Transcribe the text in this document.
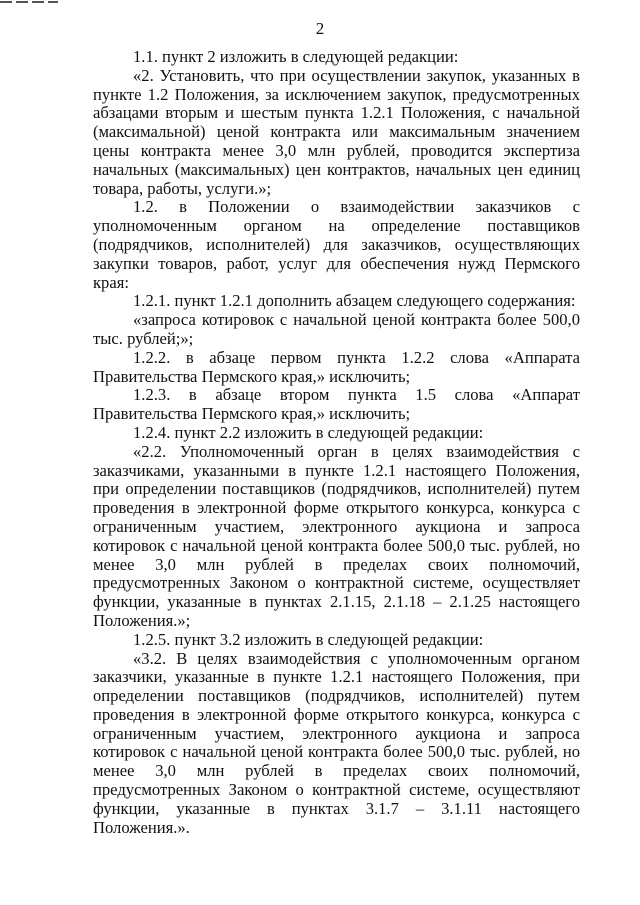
2

1.1. пункт 2 изложить в следующей редакции:

«2. Установить, что при осуществлении закупок, указанных в пункте 1.2 Положения, за исключением закупок, предусмотренных абзацами вторым и шестым пункта 1.2.1 Положения, с начальной (максимальной) ценой контракта или максимальным значением цены контракта менее 3,0 млн рублей, проводится экспертиза начальных (максимальных) цен контрактов, начальных цен единиц товара, работы, услуги.»;

1.2. в Положении о взаимодействии заказчиков с уполномоченным органом на определение поставщиков (подрядчиков, исполнителей) для заказчиков, осуществляющих закупки товаров, работ, услуг для обеспечения нужд Пермского края:

1.2.1. пункт 1.2.1 дополнить абзацем следующего содержания:

«запроса котировок с начальной ценой контракта более 500,0 тыс. рублей;»;

1.2.2. в абзаце первом пункта 1.2.2 слова «Аппарата Правительства Пермского края,» исключить;

1.2.3. в абзаце втором пункта 1.5 слова «Аппарат Правительства Пермского края,» исключить;

1.2.4. пункт 2.2 изложить в следующей редакции:

«2.2. Уполномоченный орган в целях взаимодействия с заказчиками, указанными в пункте 1.2.1 настоящего Положения, при определении поставщиков (подрядчиков, исполнителей) путем проведения в электронной форме открытого конкурса, конкурса с ограниченным участием, электронного аукциона и запроса котировок с начальной ценой контракта более 500,0 тыс. рублей, но менее 3,0 млн рублей в пределах своих полномочий, предусмотренных Законом о контрактной системе, осуществляет функции, указанные в пунктах 2.1.15, 2.1.18 – 2.1.25 настоящего Положения.»;

1.2.5. пункт 3.2 изложить в следующей редакции:

«3.2. В целях взаимодействия с уполномоченным органом заказчики, указанные в пункте 1.2.1 настоящего Положения, при определении поставщиков (подрядчиков, исполнителей) путем проведения в электронной форме открытого конкурса, конкурса с ограниченным участием, электронного аукциона и запроса котировок с начальной ценой контракта более 500,0 тыс. рублей, но менее 3,0 млн рублей в пределах своих полномочий, предусмотренных Законом о контрактной системе, осуществляют функции, указанные в пунктах 3.1.7 – 3.1.11 настоящего Положения.».
